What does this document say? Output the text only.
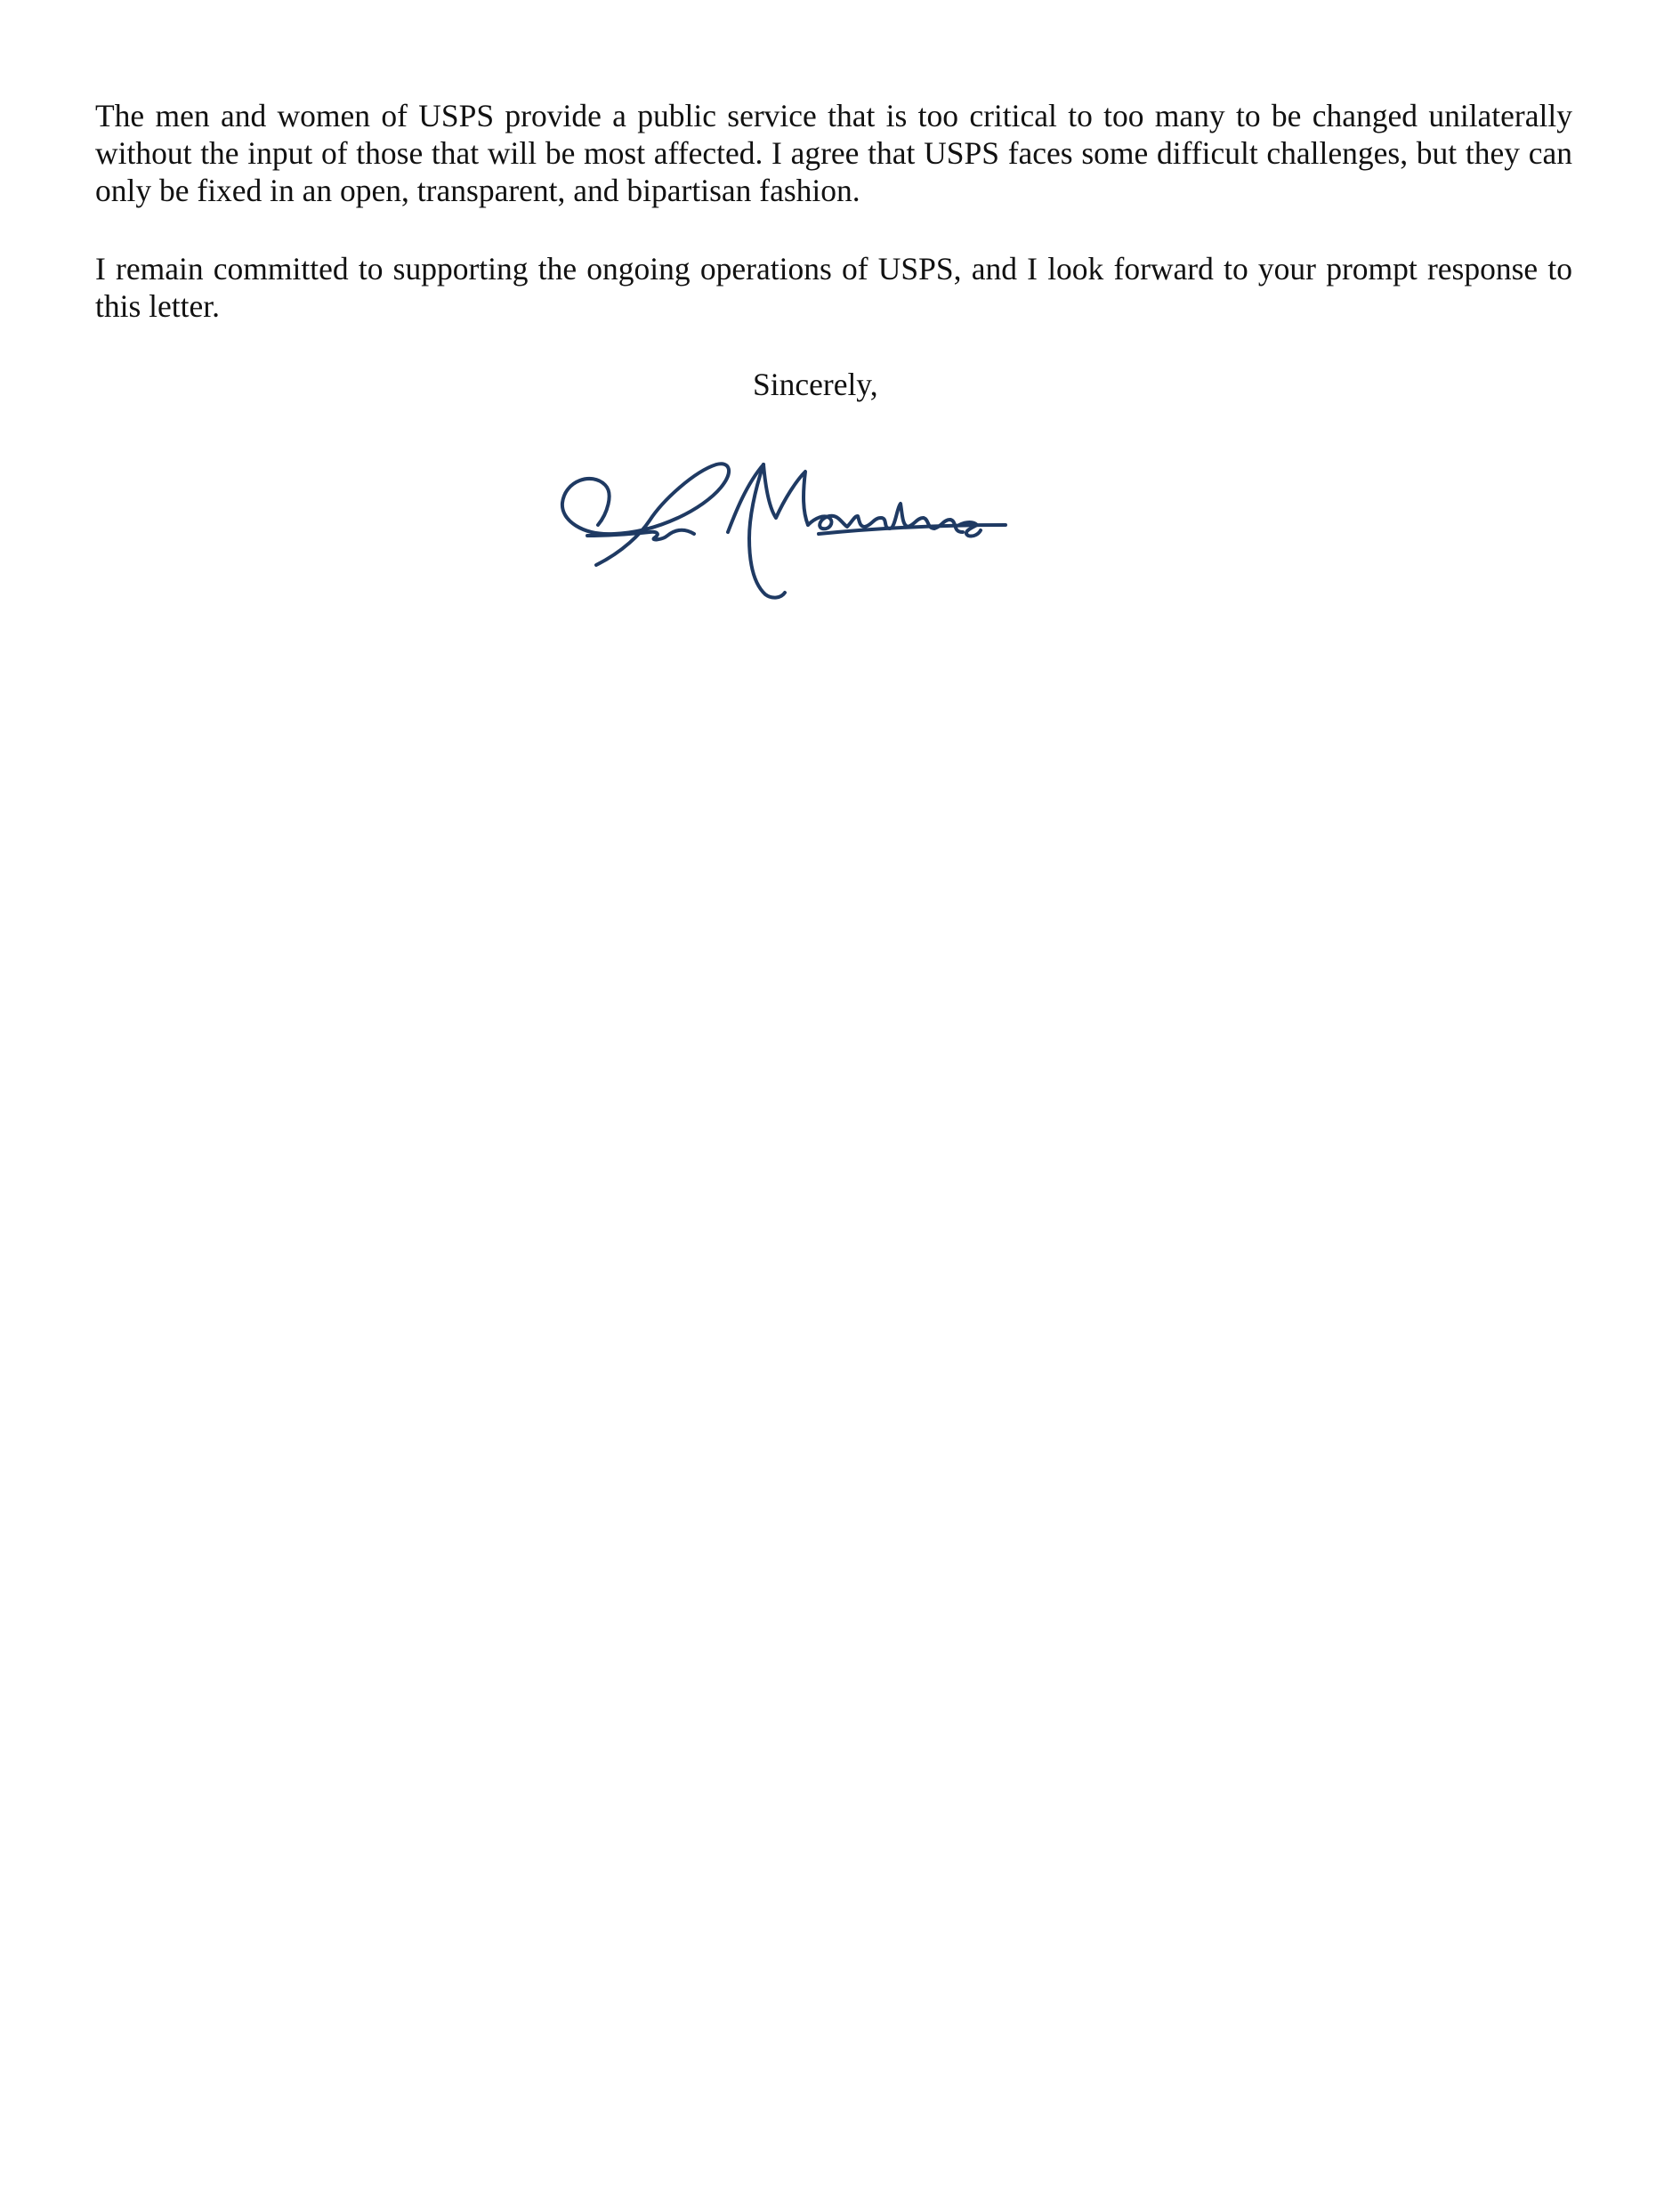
The men and women of USPS provide a public service that is too critical to too many to be changed unilaterally without the input of those that will be most affected. I agree that USPS faces some difficult challenges, but they can only be fixed in an open, transparent, and bipartisan fashion.

I remain committed to supporting the ongoing operations of USPS, and I look forward to your prompt response to this letter.

Sincerely,
